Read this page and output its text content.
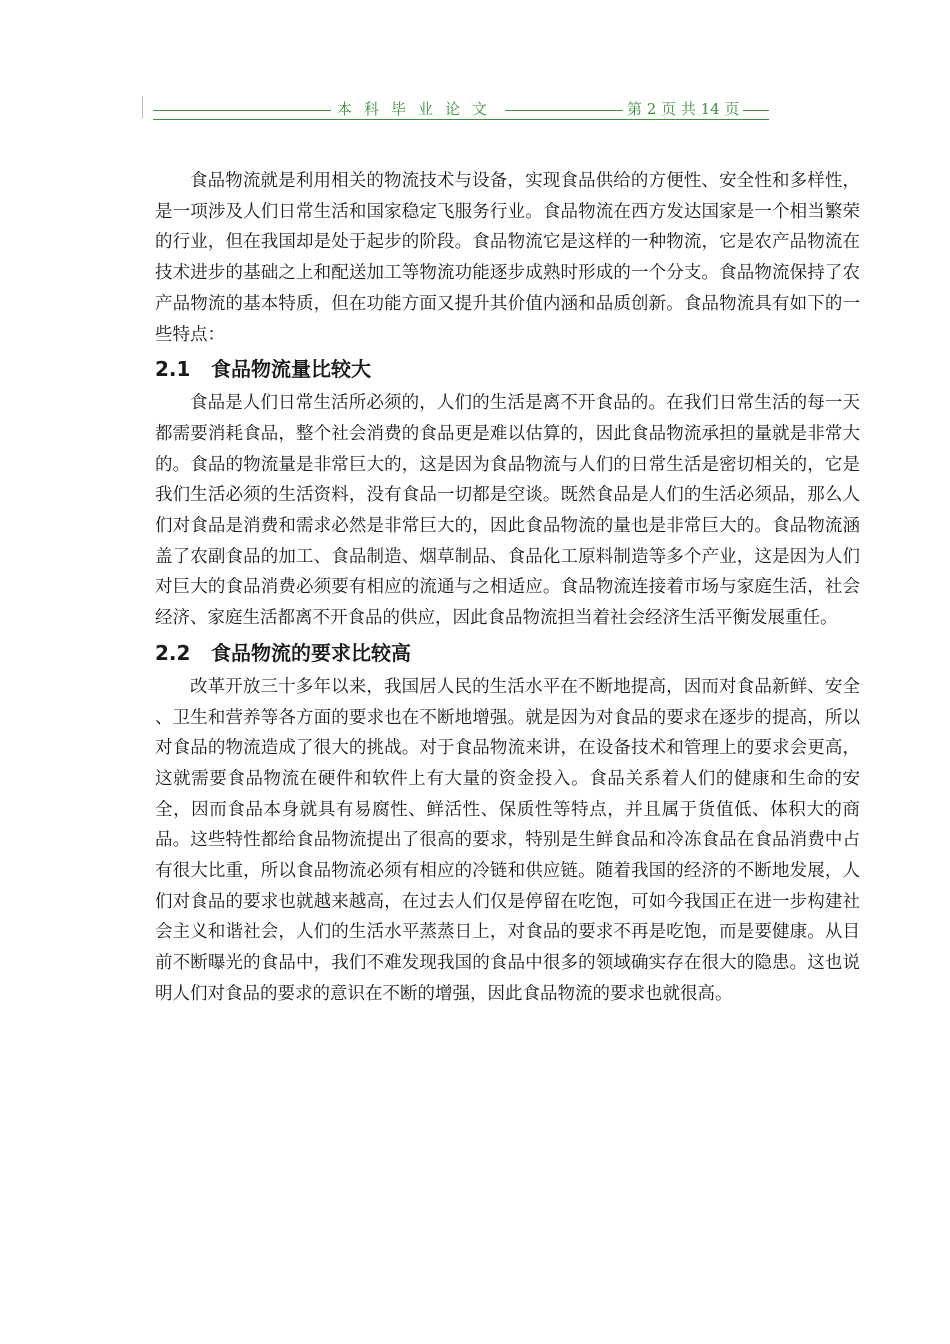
本科毕业论文	第 2 页 共 14 页

食品物流就是利用相关的物流技术与设备，实现食品供给的方便性、安全性和多样性，是一项涉及人们日常生活和国家稳定飞服务行业。食品物流在西方发达国家是一个相当繁荣的行业，但在我国却是处于起步的阶段。食品物流它是这样的一种物流，它是农产品物流在技术进步的基础之上和配送加工等物流功能逐步成熟时形成的一个分支。食品物流保持了农产品物流的基本特质，但在功能方面又提升其价值内涵和品质创新。食品物流具有如下的一些特点：

2.1 食品物流量比较大

食品是人们日常生活所必须的，人们的生活是离不开食品的。在我们日常生活的每一天都需要消耗食品，整个社会消费的食品更是难以估算的，因此食品物流承担的量就是非常大的。食品的物流量是非常巨大的，这是因为食品物流与人们的日常生活是密切相关的，它是我们生活必须的生活资料，没有食品一切都是空谈。既然食品是人们的生活必须品，那么人们对食品是消费和需求必然是非常巨大的，因此食品物流的量也是非常巨大的。食品物流涵盖了农副食品的加工、食品制造、烟草制品、食品化工原料制造等多个产业，这是因为人们对巨大的食品消费必须要有相应的流通与之相适应。食品物流连接着市场与家庭生活，社会经济、家庭生活都离不开食品的供应，因此食品物流担当着社会经济生活平衡发展重任。

2.2 食品物流的要求比较高

改革开放三十多年以来，我国居人民的生活水平在不断地提高，因而对食品新鲜、安全 、卫生和营养等各方面的要求也在不断地增强。就是因为对食品的要求在逐步的提高，所以对食品的物流造成了很大的挑战。对于食品物流来讲，在设备技术和管理上的要求会更高，这就需要食品物流在硬件和软件上有大量的资金投入。食品关系着人们的健康和生命的安全，因而食品本身就具有易腐性、鲜活性、保质性等特点，并且属于货值低、体积大的商品。这些特性都给食品物流提出了很高的要求，特别是生鲜食品和冷冻食品在食品消费中占有很大比重，所以食品物流必须有相应的冷链和供应链。随着我国的经济的不断地发展，人们对食品的要求也就越来越高，在过去人们仅是停留在吃饱，可如今我国正在进一步构建社会主义和谐社会，人们的生活水平蒸蒸日上，对食品的要求不再是吃饱，而是要健康。从目前不断曝光的食品中，我们不难发现我国的食品中很多的领域确实存在很大的隐患。这也说明人们对食品的要求的意识在不断的增强，因此食品物流的要求也就很高。
